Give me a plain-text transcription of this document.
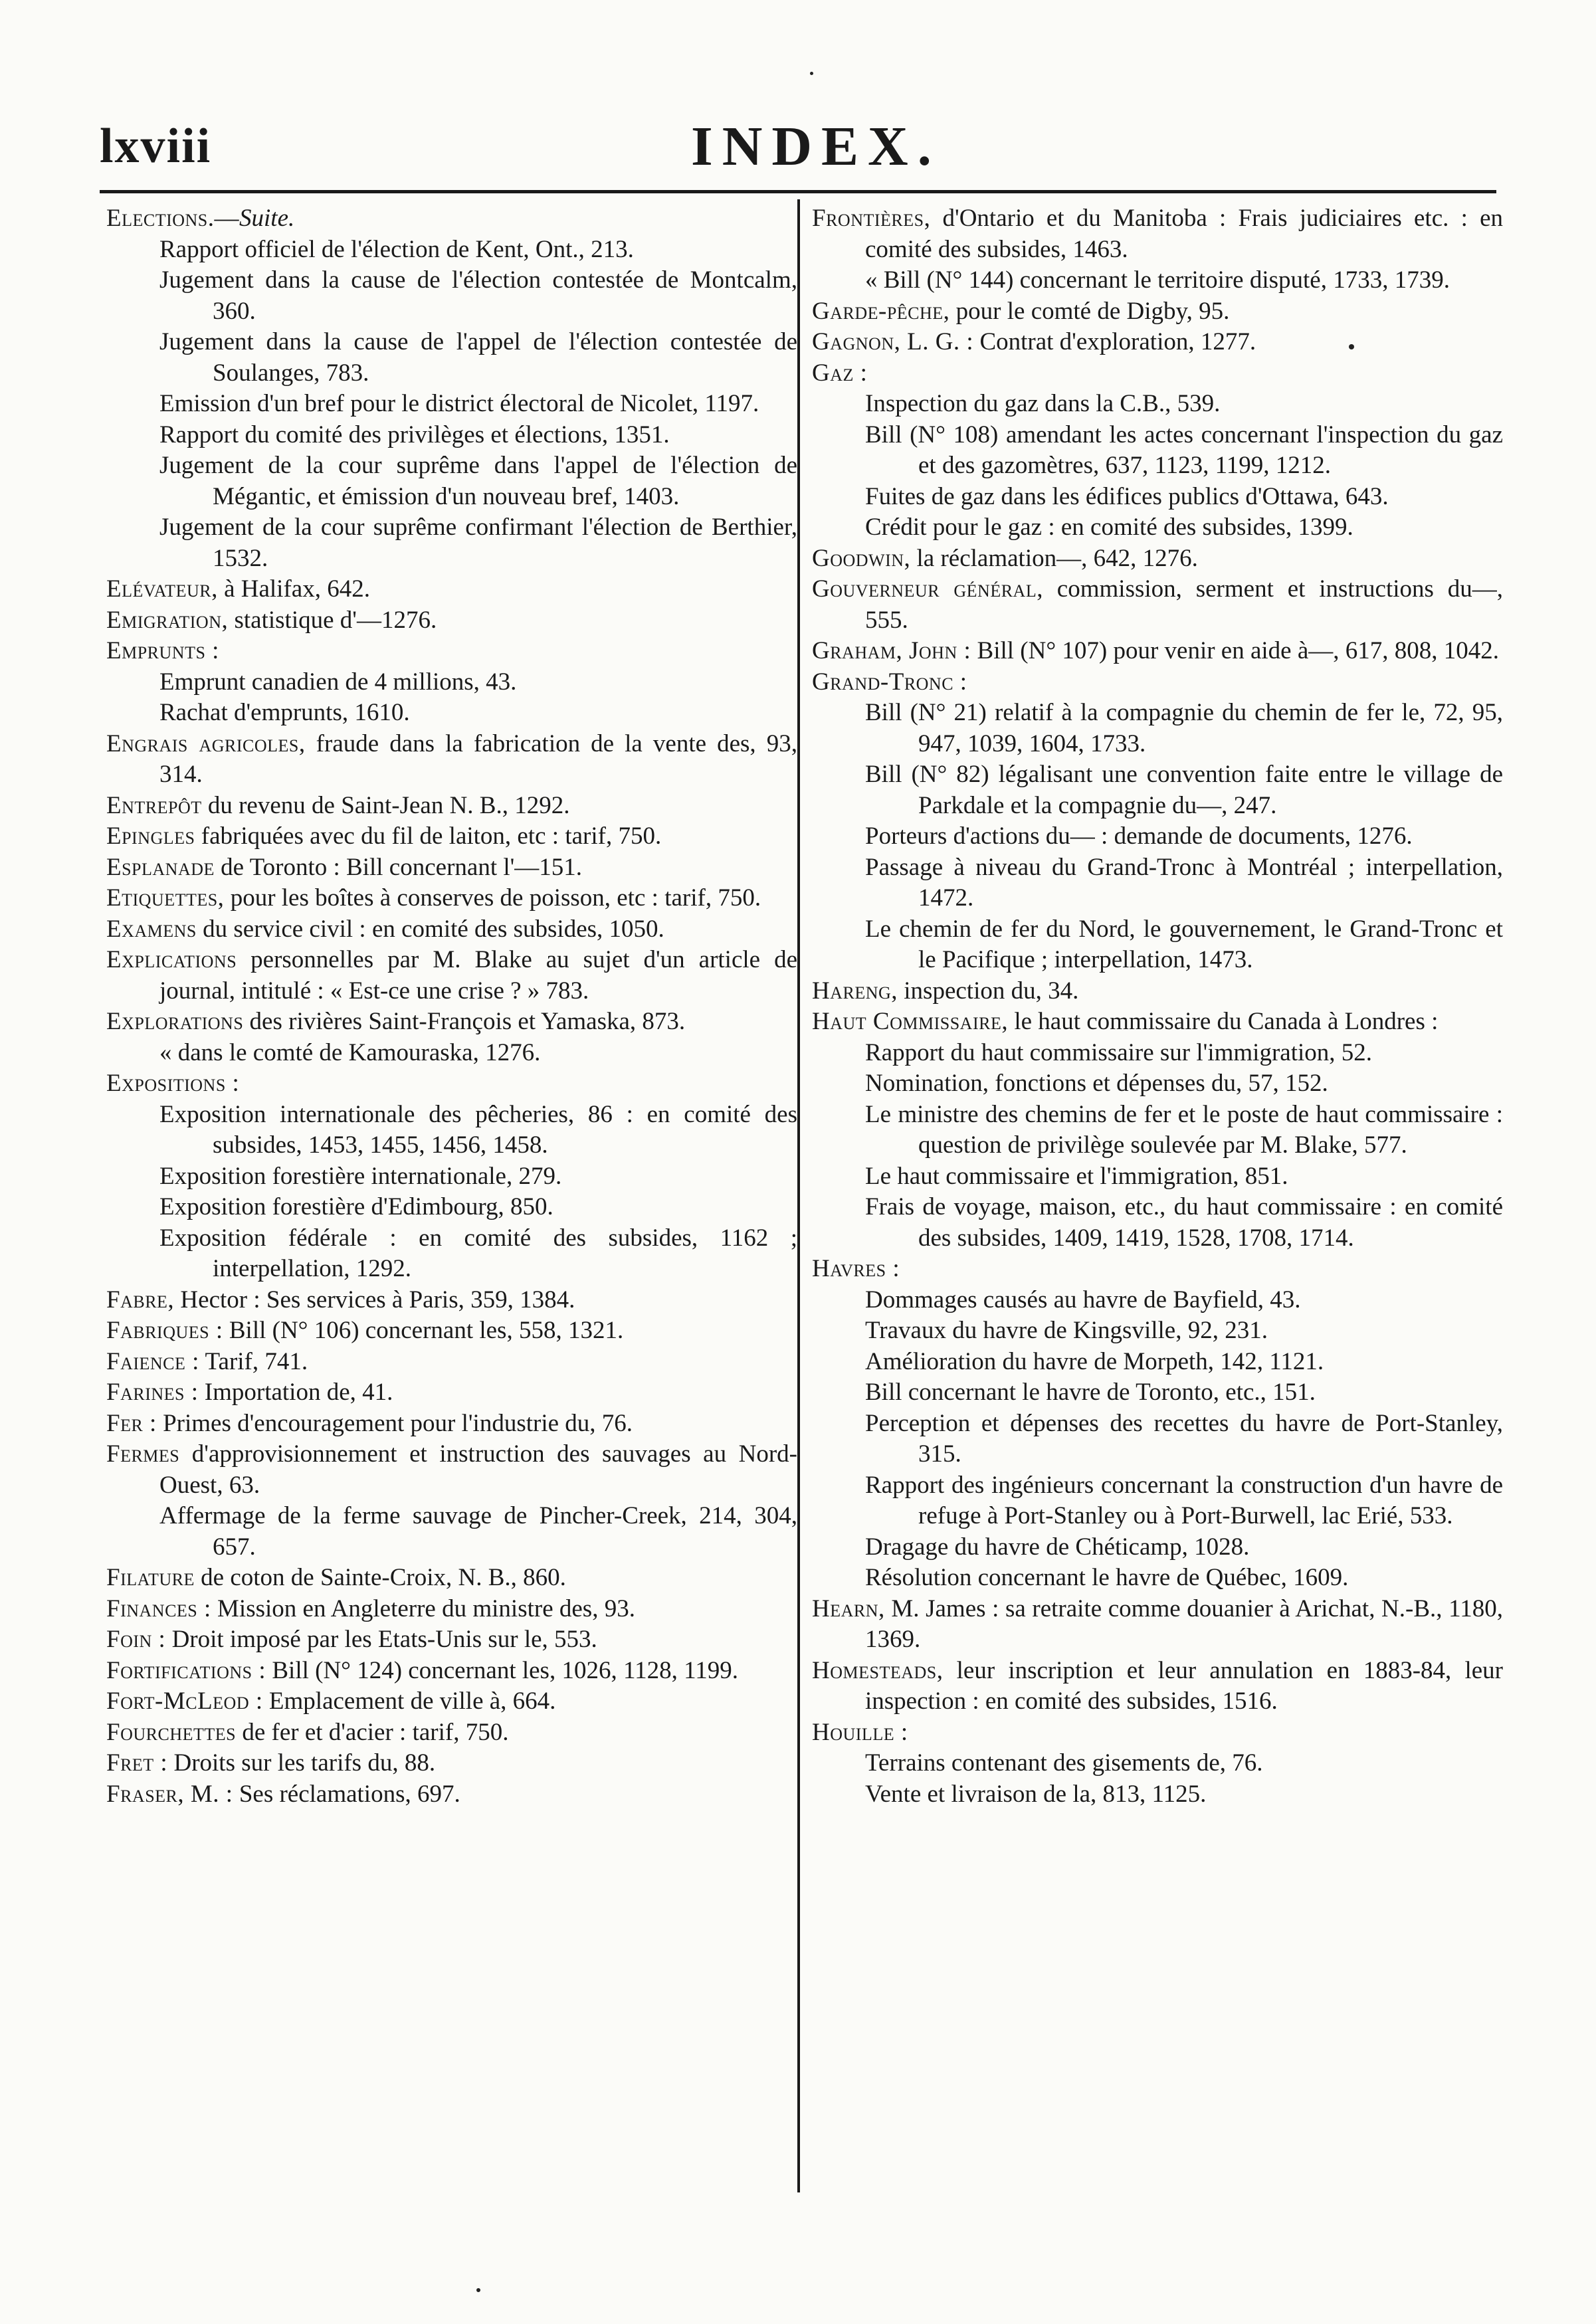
lxviii	INDEX.

Elections.—Suite.

Rapport officiel de l'élection de Kent, Ont., 213.

Jugement dans la cause de l'élection contestée de Montcalm, 360.

Jugement dans la cause de l'appel de l'élection contestée de Soulanges, 783.

Emission d'un bref pour le district électoral de Nicolet, 1197.

Rapport du comité des privilèges et élections, 1351.

Jugement de la cour suprême dans l'appel de l'élection de Mégantic, et émission d'un nouveau bref, 1403.

Jugement de la cour suprême confirmant l'élection de Berthier, 1532.

Elévateur, à Halifax, 642.

Emigration, statistique d'—1276.

Emprunts :

Emprunt canadien de 4 millions, 43.

Rachat d'emprunts, 1610.

Engrais agricoles, fraude dans la fabrication de la vente des, 93, 314.

Entrepôt du revenu de Saint-Jean N. B., 1292.

Epingles fabriquées avec du fil de laiton, etc : tarif, 750.

Esplanade de Toronto : Bill concernant l'—151.

Etiquettes, pour les boîtes à conserves de poisson, etc : tarif, 750.

Examens du service civil : en comité des subsides, 1050.

Explications personnelles par M. Blake au sujet d'un article de journal, intitulé : « Est-ce une crise ? » 783.

Explorations des rivières Saint-François et Yamaska, 873.

« dans le comté de Kamouraska, 1276.

Expositions :

Exposition internationale des pêcheries, 86 : en comité des subsides, 1453, 1455, 1456, 1458.

Exposition forestière internationale, 279.

Exposition forestière d'Edimbourg, 850.

Exposition fédérale : en comité des subsides, 1162 ; interpellation, 1292.

Fabre, Hector : Ses services à Paris, 359, 1384.

Fabriques : Bill (N° 106) concernant les, 558, 1321.

Faience : Tarif, 741.

Farines : Importation de, 41.

Fer : Primes d'encouragement pour l'industrie du, 76.

Fermes d'approvisionnement et instruction des sauvages au Nord-Ouest, 63.

Affermage de la ferme sauvage de Pincher-Creek, 214, 304, 657.

Filature de coton de Sainte-Croix, N. B., 860.

Finances : Mission en Angleterre du ministre des, 93.

Foin : Droit imposé par les Etats-Unis sur le, 553.

Fortifications : Bill (N° 124) concernant les, 1026, 1128, 1199.

Fort-McLeod : Emplacement de ville à, 664.

Fourchettes de fer et d'acier : tarif, 750.

Fret : Droits sur les tarifs du, 88.

Fraser, M. : Ses réclamations, 697.

Frontières, d'Ontario et du Manitoba : Frais judiciaires etc. : en comité des subsides, 1463.

« Bill (N° 144) concernant le territoire disputé, 1733, 1739.

Garde-pêche, pour le comté de Digby, 95.

Gagnon, L. G. : Contrat d'exploration, 1277.

Gaz :

Inspection du gaz dans la C.B., 539.

Bill (N° 108) amendant les actes concernant l'inspection du gaz et des gazomètres, 637, 1123, 1199, 1212.

Fuites de gaz dans les édifices publics d'Ottawa, 643.

Crédit pour le gaz : en comité des subsides, 1399.

Goodwin, la réclamation—, 642, 1276.

Gouverneur général, commission, serment et instructions du—, 555.

Graham, John : Bill (N° 107) pour venir en aide à—, 617, 808, 1042.

Grand-Tronc :

Bill (N° 21) relatif à la compagnie du chemin de fer le, 72, 95, 947, 1039, 1604, 1733.

Bill (N° 82) légalisant une convention faite entre le village de Parkdale et la compagnie du—, 247.

Porteurs d'actions du— : demande de documents, 1276.

Passage à niveau du Grand-Tronc à Montréal ; interpellation, 1472.

Le chemin de fer du Nord, le gouvernement, le Grand-Tronc et le Pacifique ; interpellation, 1473.

Hareng, inspection du, 34.

Haut Commissaire, le haut commissaire du Canada à Londres :

Rapport du haut commissaire sur l'immigration, 52.

Nomination, fonctions et dépenses du, 57, 152.

Le ministre des chemins de fer et le poste de haut commissaire : question de privilège soulevée par M. Blake, 577.

Le haut commissaire et l'immigration, 851.

Frais de voyage, maison, etc., du haut commissaire : en comité des subsides, 1409, 1419, 1528, 1708, 1714.

Havres :

Dommages causés au havre de Bayfield, 43.

Travaux du havre de Kingsville, 92, 231.

Amélioration du havre de Morpeth, 142, 1121.

Bill concernant le havre de Toronto, etc., 151.

Perception et dépenses des recettes du havre de Port-Stanley, 315.

Rapport des ingénieurs concernant la construction d'un havre de refuge à Port-Stanley ou à Port-Burwell, lac Erié, 533.

Dragage du havre de Chéticamp, 1028.

Résolution concernant le havre de Québec, 1609.

Hearn, M. James : sa retraite comme douanier à Arichat, N.-B., 1180, 1369.

Homesteads, leur inscription et leur annulation en 1883-84, leur inspection : en comité des subsides, 1516.

Houille :

Terrains contenant des gisements de, 76.

Vente et livraison de la, 813, 1125.
